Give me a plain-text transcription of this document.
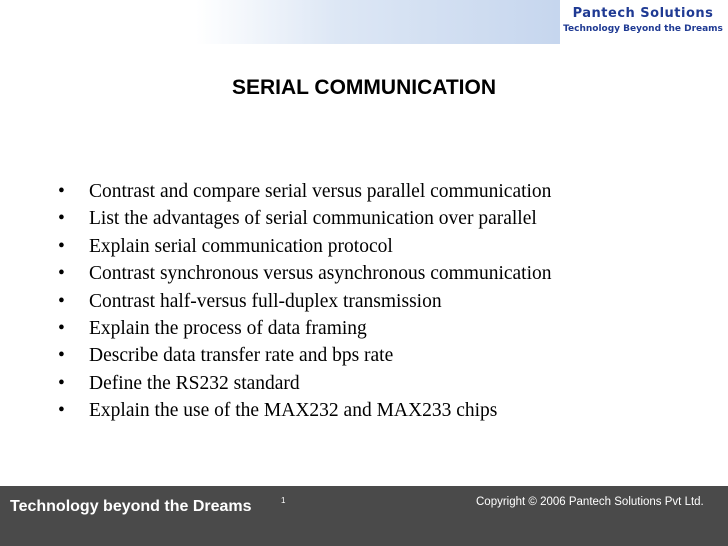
Pantech Solutions
Technology Beyond the Dreams
SERIAL COMMUNICATION
• Contrast and compare serial versus parallel communication
• List the advantages of serial communication over parallel
• Explain serial communication protocol
• Contrast synchronous versus asynchronous communication
• Contrast half-versus full-duplex transmission
• Explain the process of data framing
• Describe data transfer rate and bps rate
• Define the RS232 standard
• Explain the use of the MAX232 and MAX233 chips
Technology beyond the Dreams	1	Copyright © 2006 Pantech Solutions Pvt Ltd.
